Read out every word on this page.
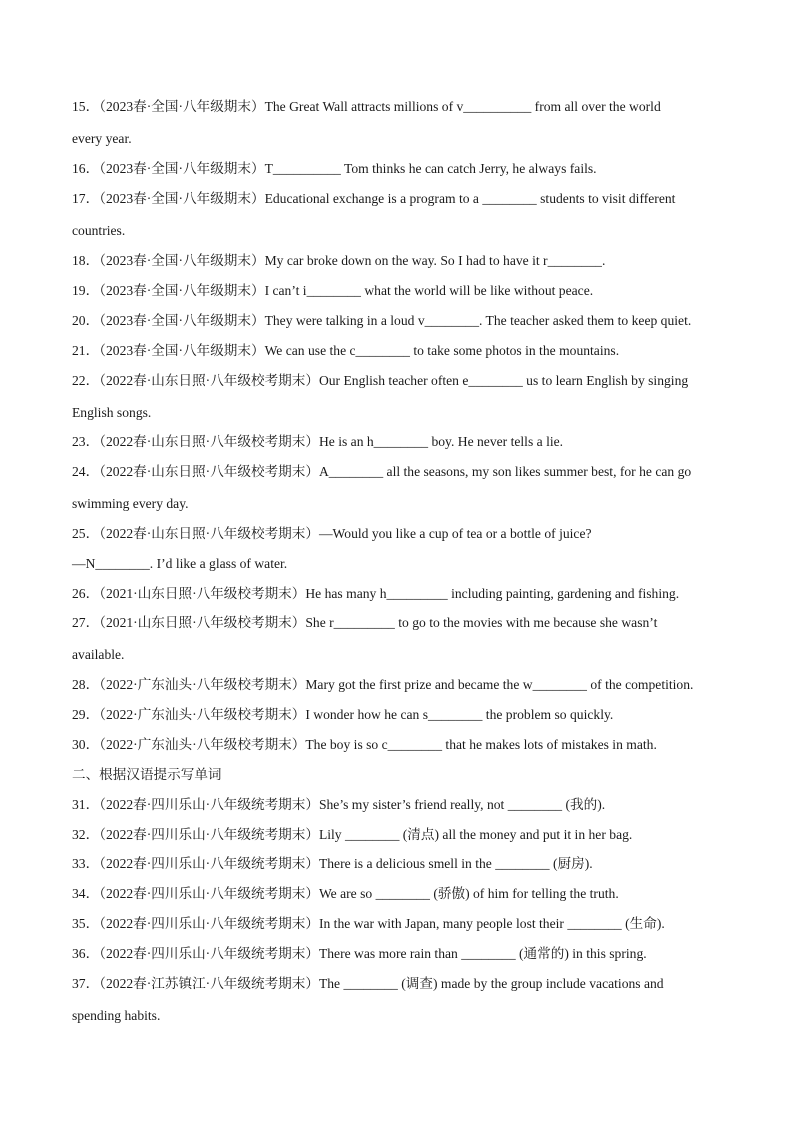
15．（2023春·全国·八年级期末）The Great Wall attracts millions of v__________ from all over the world
every year.
16．（2023春·全国·八年级期末）T__________ Tom thinks he can catch Jerry, he always fails.
17．（2023春·全国·八年级期末）Educational exchange is a program to a ________ students to visit different
countries.
18．（2023春·全国·八年级期末）My car broke down on the way. So I had to have it r________.
19．（2023春·全国·八年级期末）I can’t i________ what the world will be like without peace.
20．（2023春·全国·八年级期末）They were talking in a loud v________. The teacher asked them to keep quiet.
21．（2023春·全国·八年级期末）We can use the c________ to take some photos in the mountains.
22．（2022春·山东日照·八年级校考期末）Our English teacher often e________ us to learn English by singing
English songs.
23．（2022春·山东日照·八年级校考期末）He is an h________ boy. He never tells a lie.
24．（2022春·山东日照·八年级校考期末）A________ all the seasons, my son likes summer best, for he can go
swimming every day.
25．（2022春·山东日照·八年级校考期末）—Would you like a cup of tea or a bottle of juice?
—N________. I’d like a glass of water.
26．（2021·山东日照·八年级校考期末）He has many h_________ including painting, gardening and fishing.
27．（2021·山东日照·八年级校考期末）She r_________ to go to the movies with me because she wasn’t
available.
28．（2022·广东汕头·八年级校考期末）Mary got the first prize and became the w________ of the competition.
29．（2022·广东汕头·八年级校考期末）I wonder how he can s________ the problem so quickly.
30．（2022·广东汕头·八年级校考期末）The boy is so c________ that he makes lots of mistakes in math.
二、根据汉语提示写单词
31．（2022春·四川乐山·八年级统考期末）She’s my sister’s friend really, not ________ (我的).
32．（2022春·四川乐山·八年级统考期末）Lily ________ (清点) all the money and put it in her bag.
33．（2022春·四川乐山·八年级统考期末）There is a delicious smell in the ________ (厨房).
34．（2022春·四川乐山·八年级统考期末）We are so ________ (骄傲) of him for telling the truth.
35．（2022春·四川乐山·八年级统考期末）In the war with Japan, many people lost their ________ (生命).
36．（2022春·四川乐山·八年级统考期末）There was more rain than ________ (通常的) in this spring.
37．（2022春·江苏镇江·八年级统考期末）The ________ (调查) made by the group include vacations and
spending habits.
